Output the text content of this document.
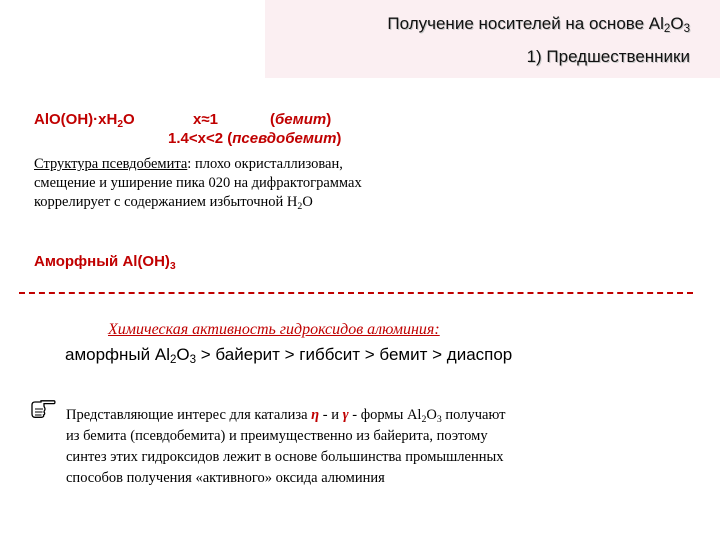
Получение носителей на основе $Al_2O_3$
1) Предшественники
$AlO(OH)\cdot xH_2O$	x≈1	(бемит)
1.4<x<2 (псевдобемит)
Структура псевдобемита: плохо окристаллизован,
смещение и уширение пика 020 на дифрактограммах
коррелирует с содержанием избыточной $Н_2О$
Аморфный $Al(OH)_3$
Химическая активность гидроксидов алюминия:
аморфный $Al_2O_3$ > байерит > гиббсит > бемит > диаспор
Представляющие интерес для катализа η - и γ - формы $Al_2O_3$ получают
из бемита (псевдобемита) и преимущественно из байерита, поэтому
синтез этих гидроксидов лежит в основе большинства промышленных
способов получения «активного» оксида алюминия
